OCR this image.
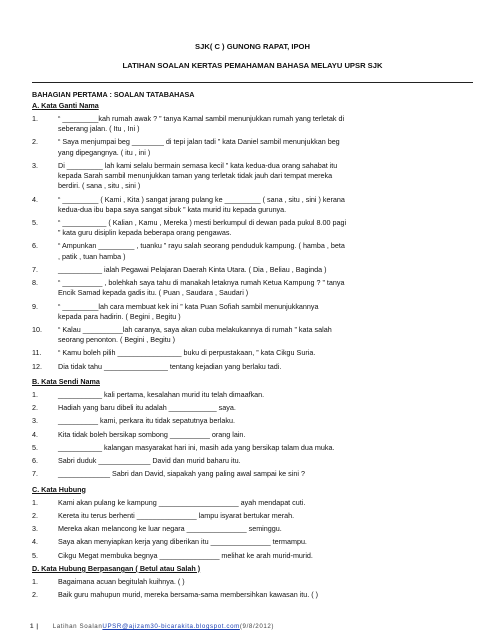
SJK( C ) GUNONG RAPAT, IPOH
LATIHAN SOALAN KERTAS PEMAHAMAN BAHASA MELAYU UPSR SJK
BAHAGIAN PERTAMA : SOALAN TATABAHASA
A. Kata Ganti Nama
1.	“ _________kah rumah awak ? ” tanya Kamal sambil menunjukkan rumah yang terletak di
seberang jalan. ( Itu , Ini )
2.	“ Saya menjumpai beg ________ di tepi jalan tadi ” kata Daniel sambil menunjukkan beg
yang dipegangnya. ( itu , ini )
3.	Di _________ lah kami selalu bermain semasa kecil ” kata kedua-dua orang sahabat itu
kepada Sarah sambil menunjukkan taman yang terletak tidak jauh dari tempat mereka
berdiri. ( sana , situ , sini )
4.	“ _________ ( Kami , Kita ) sangat jarang pulang ke _________ ( sana , situ , sini ) kerana
kedua-dua ibu bapa saya sangat sibuk ” kata murid itu kepada gurunya.
5.	“ ___________ ( Kalian , Kamu , Mereka ) mesti berkumpul di dewan pada pukul 8.00 pagi
” kata guru disiplin kepada beberapa orang pengawas.
6.	“ Ampunkan _________ , tuanku ” rayu salah seorang penduduk kampung. ( hamba , beta
, patik , tuan hamba )
7.	___________ ialah Pegawai Pelajaran Daerah Kinta Utara. ( Dia , Beliau , Baginda )
8.	“ __________ , bolehkah saya tahu di manakah letaknya rumah Ketua Kampung ? ” tanya
Encik Samad kepada gadis itu. ( Puan , Saudara , Saudari )
9.	“ _________lah cara membuat kek ini ” kata Puan Sofiah sambil menunjukkannya
kepada para hadirin. ( Begini , Begitu )
10.	“ Kalau __________lah caranya, saya akan cuba melakukannya di rumah ” kata salah
seorang penonton. ( Begini , Begitu )
11.	“ Kamu boleh pilih ________________ buku di perpustakaan, ” kata Cikgu Suria.
12.	Dia tidak tahu ________________ tentang kejadian yang berlaku tadi.
B. Kata Sendi Nama
1.	___________ kali pertama, kesalahan murid itu telah dimaafkan.
2.	Hadiah yang baru dibeli itu adalah ____________ saya.
3.	__________ kami, perkara itu tidak sepatutnya berlaku.
4.	Kita tidak boleh bersikap sombong __________ orang lain.
5.	___________ kalangan masyarakat hari ini, masih ada yang bersikap talam dua muka.
6.	Sabri duduk _____________ David dan murid baharu itu.
7.	_____________ Sabri dan David, siapakah yang paling awal sampai ke sini ?
C. Kata Hubung
1.	Kami akan pulang ke kampung ____________________ ayah mendapat cuti.
2.	Kereta itu terus berhenti _______________ lampu isyarat bertukar merah.
3.	Mereka akan melancong ke luar negara _______________ seminggu.
4.	Saya akan menyiapkan kerja yang diberikan itu _______________ termampu.
5.	Cikgu Megat membuka begnya _______________ melihat ke arah murid-murid.
D. Kata Hubung Berpasangan ( Betul atau Salah )
1.	Bagaimana acuan begitulah kuihnya. ( )
2.	Baik guru mahupun murid, mereka bersama-sama membersihkan kawasan itu. ( )
1 | Latihan Soalan UPSR@ajizam30-bicarakita.blogspot.com (9/8/2012)
